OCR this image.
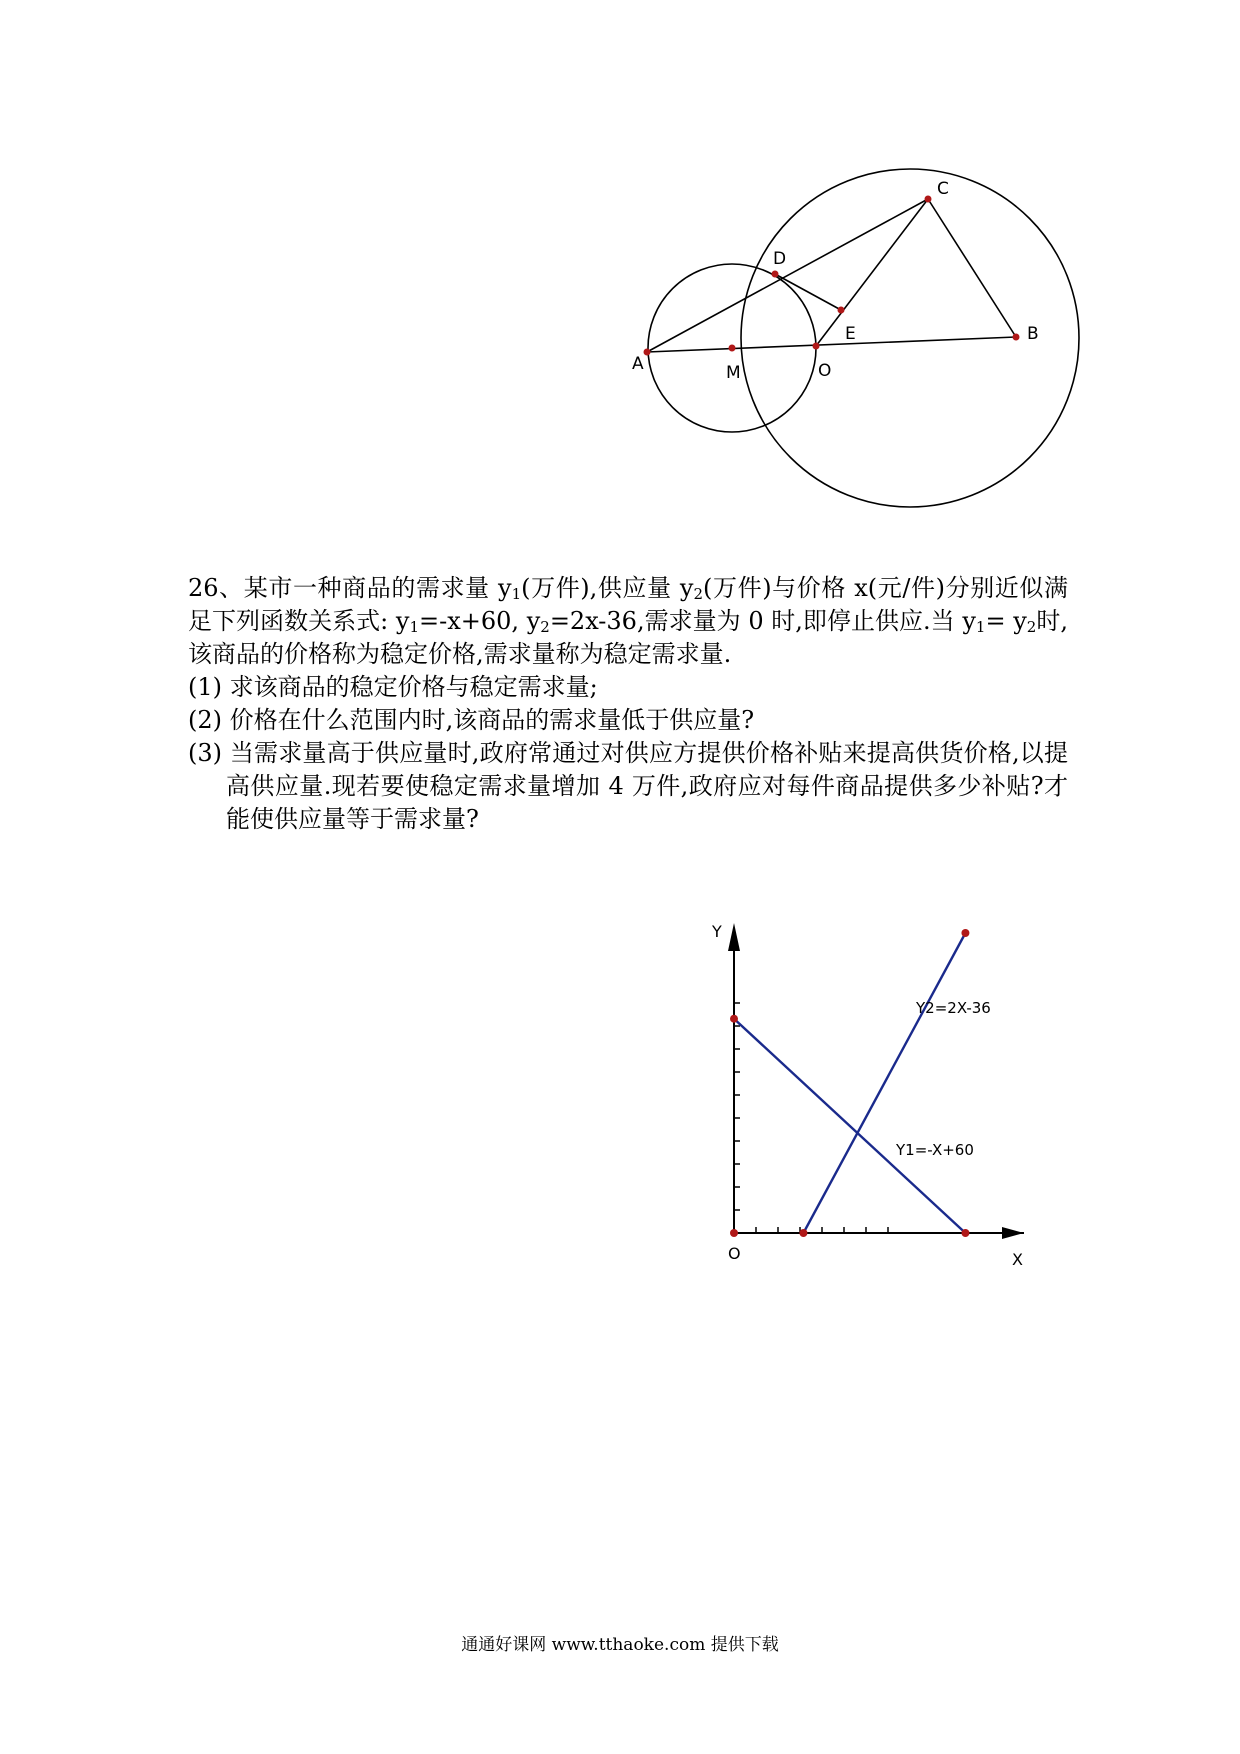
A
B
C
D
E
M	O

26、某市一种商品的需求量 $y_1$(万件),供应量 $y_2$(万件)与价格 x(元/件)分别近似满足下列函数关系式: $y_1=-x+60$, $y_2=2x-36$,需求量为 0 时,即停止供应.当 $y_1= y_2$时,该商品的价格称为稳定价格,需求量称为稳定需求量.

(1) 求该商品的稳定价格与稳定需求量;

(2) 价格在什么范围内时,该商品的需求量低于供应量?

(3) 当需求量高于供应量时,政府常通过对供应方提供价格补贴来提高供货价格,以提高供应量.现若要使稳定需求量增加 4 万件,政府应对每件商品提供多少补贴?才能使供应量等于需求量?

Y1=-X+60
Y2=2X-36
X
Y
O
通通好课网 www.tthaoke.com 提供下载
